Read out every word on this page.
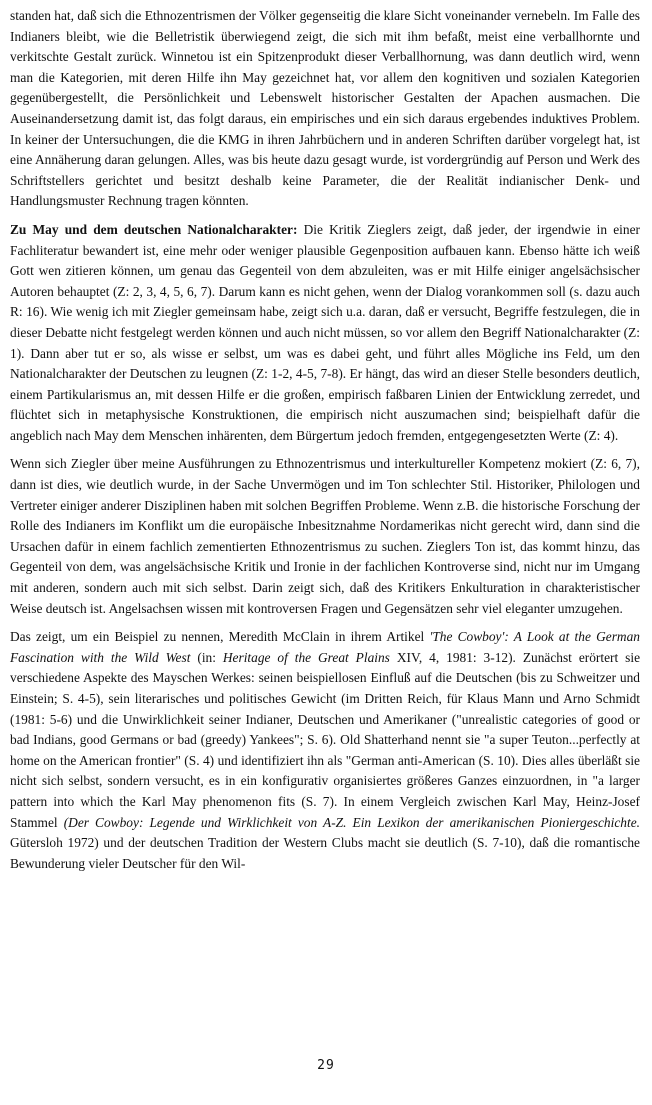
standen hat, daß sich die Ethnozentrismen der Völker gegenseitig die klare Sicht voneinander vernebeln. Im Falle des Indianers bleibt, wie die Belletristik überwiegend zeigt, die sich mit ihm befaßt, meist eine verballhornte und verkitschte Gestalt zurück. Winnetou ist ein Spitzenprodukt dieser Verballhornung, was dann deutlich wird, wenn man die Kategorien, mit deren Hilfe ihn May gezeichnet hat, vor allem den kognitiven und sozialen Kategorien gegenübergestellt, die Persönlichkeit und Lebenswelt historischer Gestalten der Apachen ausmachen. Die Auseinandersetzung damit ist, das folgt daraus, ein empirisches und ein sich daraus ergebendes induktives Problem. In keiner der Untersuchungen, die die KMG in ihren Jahrbüchern und in anderen Schriften darüber vorgelegt hat, ist eine Annäherung daran gelungen. Alles, was bis heute dazu gesagt wurde, ist vordergründig auf Person und Werk des Schriftstellers gerichtet und besitzt deshalb keine Parameter, die der Realität indianischer Denk- und Handlungsmuster Rechnung tragen könnten.

Zu May und dem deutschen Nationalcharakter: Die Kritik Zieglers zeigt, daß jeder, der irgendwie in einer Fachliteratur bewandert ist, eine mehr oder weniger plausible Gegenposition aufbauen kann. Ebenso hätte ich weiß Gott wen zitieren können, um genau das Gegenteil von dem abzuleiten, was er mit Hilfe einiger angelsächsischer Autoren behauptet (Z: 2, 3, 4, 5, 6, 7). Darum kann es nicht gehen, wenn der Dialog vorankommen soll (s. dazu auch R: 16). Wie wenig ich mit Ziegler gemeinsam habe, zeigt sich u.a. daran, daß er versucht, Begriffe festzulegen, die in dieser Debatte nicht festgelegt werden können und auch nicht müssen, so vor allem den Begriff Nationalcharakter (Z: 1). Dann aber tut er so, als wisse er selbst, um was es dabei geht, und führt alles Mögliche ins Feld, um den Nationalcharakter der Deutschen zu leugnen (Z: 1-2, 4-5, 7-8). Er hängt, das wird an dieser Stelle besonders deutlich, einem Partikularismus an, mit dessen Hilfe er die großen, empirisch faßbaren Linien der Entwicklung zerredet, und flüchtet sich in metaphysische Konstruktionen, die empirisch nicht auszumachen sind; beispielhaft dafür die angeblich nach May dem Menschen inhärenten, dem Bürgertum jedoch fremden, entgegengesetzten Werte (Z: 4).

Wenn sich Ziegler über meine Ausführungen zu Ethnozentrismus und interkultureller Kompetenz mokiert (Z: 6, 7), dann ist dies, wie deutlich wurde, in der Sache Unvermögen und im Ton schlechter Stil. Historiker, Philologen und Vertreter einiger anderer Disziplinen haben mit solchen Begriffen Probleme. Wenn z.B. die historische Forschung der Rolle des Indianers im Konflikt um die europäische Inbesitznahme Nordamerikas nicht gerecht wird, dann sind die Ursachen dafür in einem fachlich zementierten Ethnozentrismus zu suchen. Zieglers Ton ist, das kommt hinzu, das Gegenteil von dem, was angelsächsische Kritik und Ironie in der fachlichen Kontroverse sind, nicht nur im Umgang mit anderen, sondern auch mit sich selbst. Darin zeigt sich, daß des Kritikers Enkulturation in charakteristischer Weise deutsch ist. Angelsachsen wissen mit kontroversen Fragen und Gegensätzen sehr viel eleganter umzugehen.

Das zeigt, um ein Beispiel zu nennen, Meredith McClain in ihrem Artikel 'The Cowboy': A Look at the German Fascination with the Wild West (in: Heritage of the Great Plains XIV, 4, 1981: 3-12). Zunächst erörtert sie verschiedene Aspekte des Mayschen Werkes: seinen beispiellosen Einfluß auf die Deutschen (bis zu Schweitzer und Einstein; S. 4-5), sein literarisches und politisches Gewicht (im Dritten Reich, für Klaus Mann und Arno Schmidt (1981: 5-6) und die Unwirklichkeit seiner Indianer, Deutschen und Amerikaner ("unrealistic categories of good or bad Indians, good Germans or bad (greedy) Yankees"; S. 6). Old Shatterhand nennt sie "a super Teuton...perfectly at home on the American frontier" (S. 4) und identifiziert ihn als "German anti-American (S. 10). Dies alles überläßt sie nicht sich selbst, sondern versucht, es in ein konfigurativ organisiertes größeres Ganzes einzuordnen, in "a larger pattern into which the Karl May phenomenon fits (S. 7). In einem Vergleich zwischen Karl May, Heinz-Josef Stammel (Der Cowboy: Legende und Wirklichkeit von A-Z. Ein Lexikon der amerikanischen Pioniergeschichte. Gütersloh 1972) und der deutschen Tradition der Western Clubs macht sie deutlich (S. 7-10), daß die romantische Bewunderung vieler Deutscher für den Wil-

29
